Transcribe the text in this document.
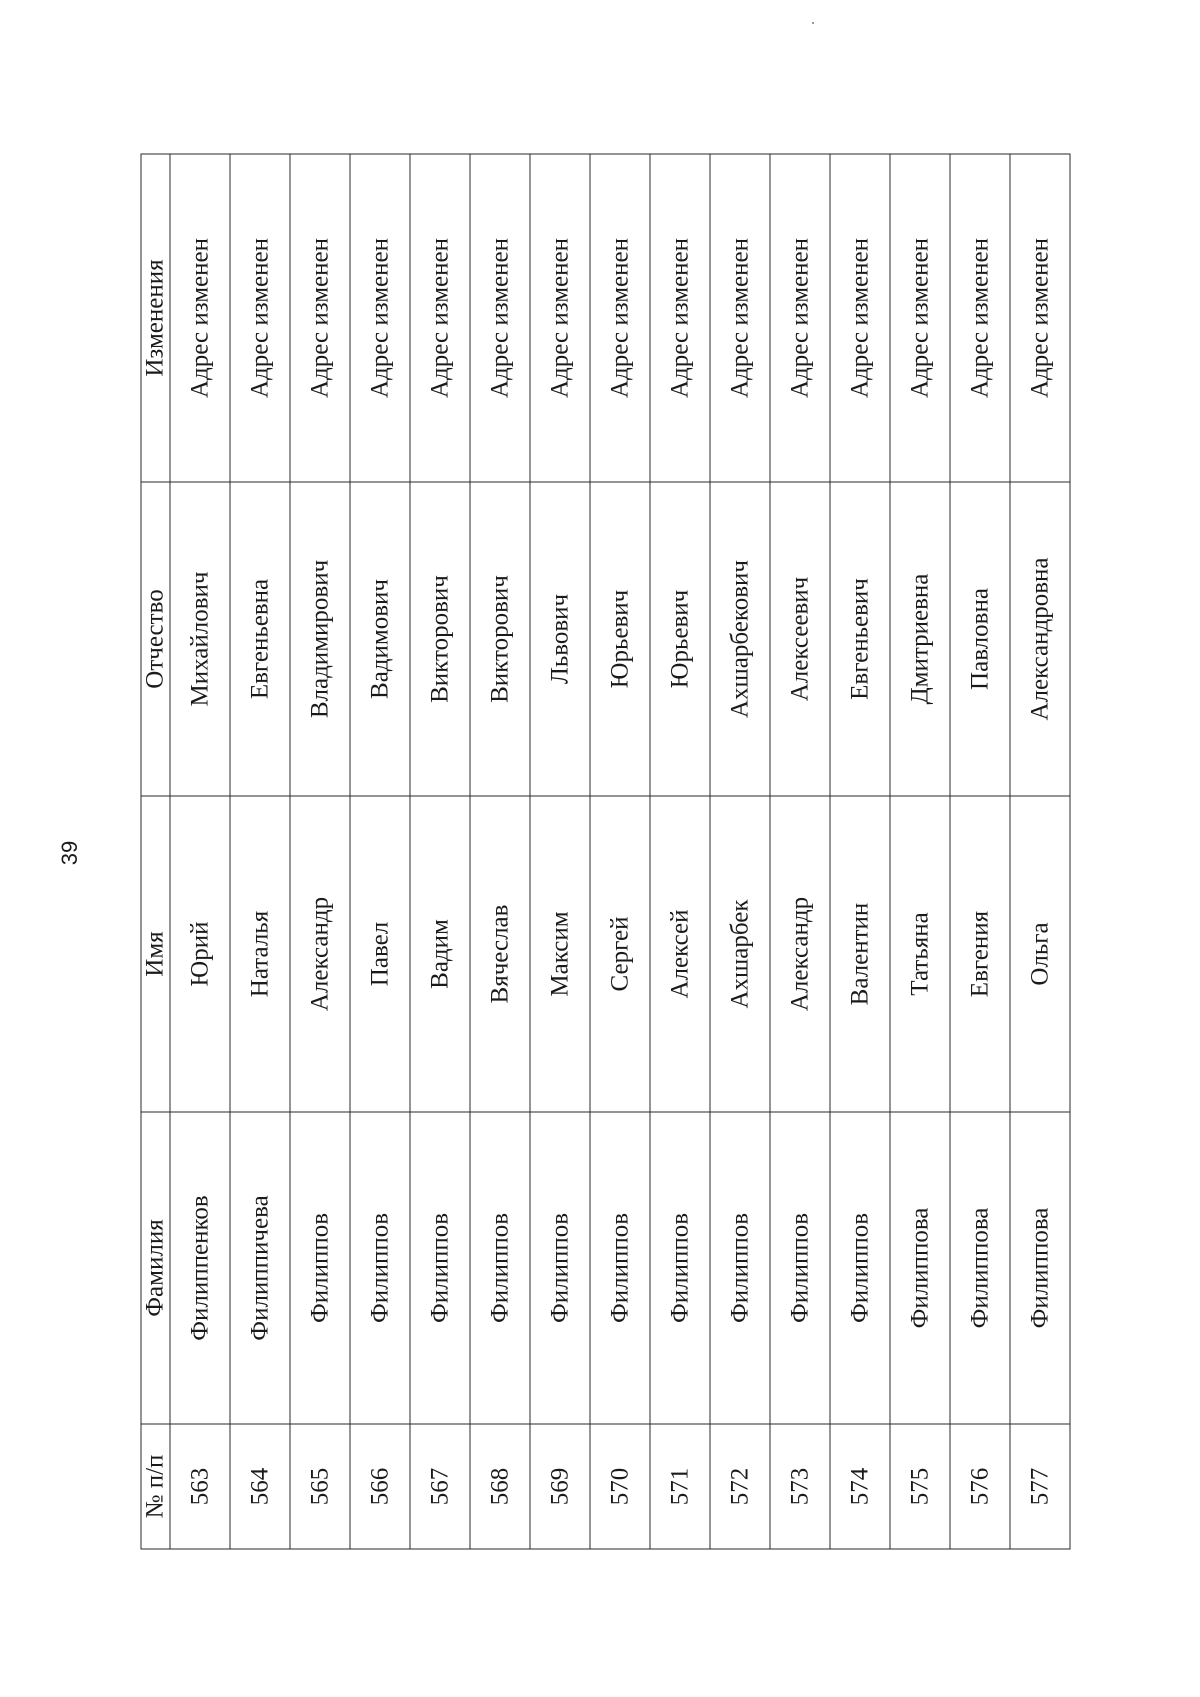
39
№ п/п	Фамилия	Имя	Отчество	Изменения
563	Филиппенков	Юрий	Михайлович	Адрес изменен
564	Филиппичева	Наталья	Евгеньевна	Адрес изменен
565	Филиппов	Александр	Владимирович	Адрес изменен
566	Филиппов	Павел	Вадимович	Адрес изменен
567	Филиппов	Вадим	Викторович	Адрес изменен
568	Филиппов	Вячеслав	Викторович	Адрес изменен
569	Филиппов	Максим	Львович	Адрес изменен
570	Филиппов	Сергей	Юрьевич	Адрес изменен
571	Филиппов	Алексей	Юрьевич	Адрес изменен
572	Филиппов	Ахшарбек	Ахшарбекович	Адрес изменен
573	Филиппов	Александр	Алексеевич	Адрес изменен
574	Филиппов	Валентин	Евгеньевич	Адрес изменен
575	Филиппова	Татьяна	Дмитриевна	Адрес изменен
576	Филиппова	Евгения	Павловна	Адрес изменен
577	Филиппова	Ольга	Александровна	Адрес изменен
